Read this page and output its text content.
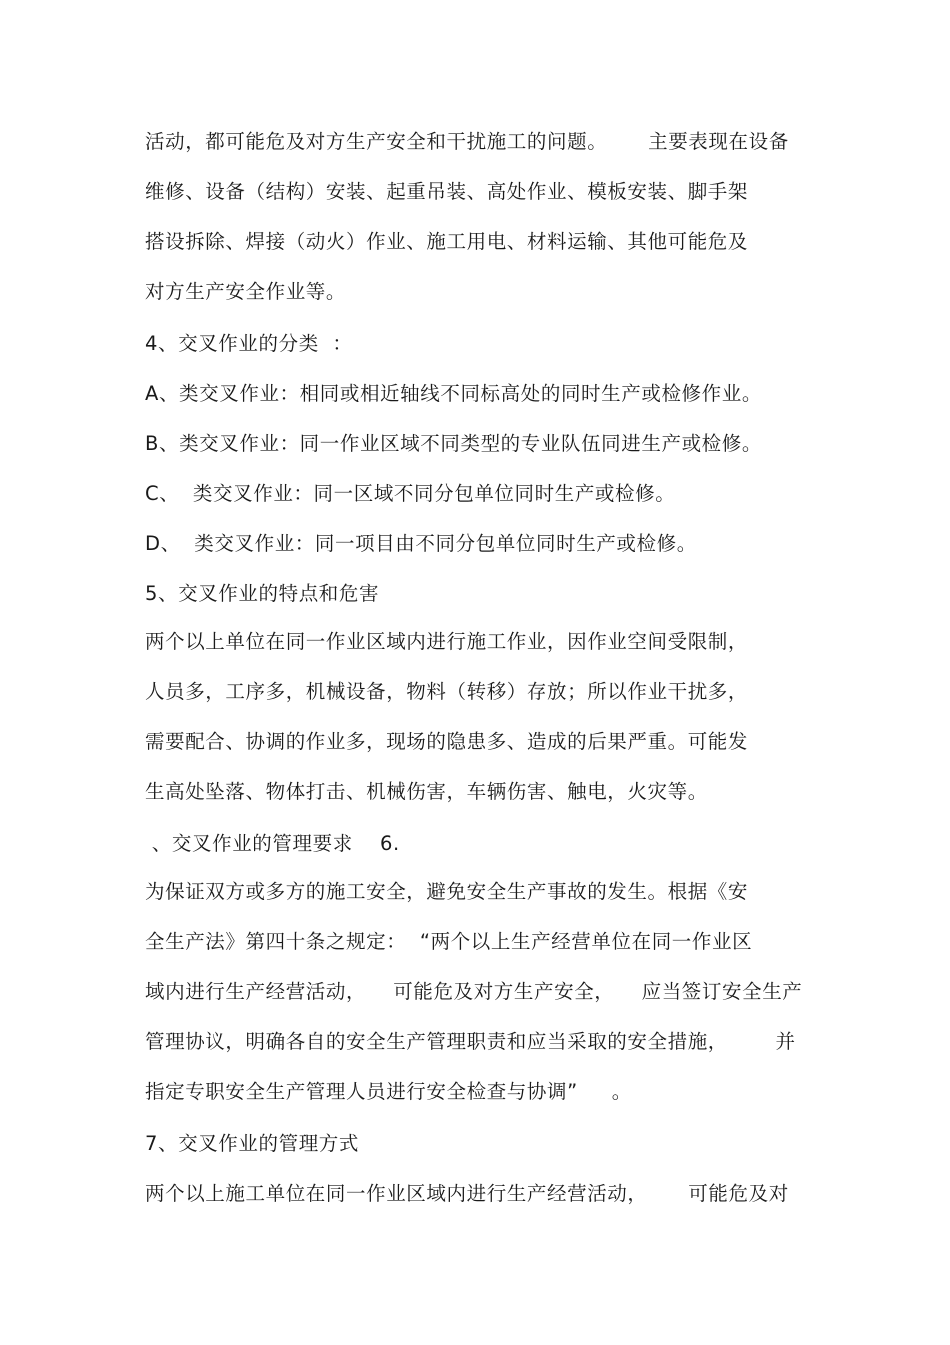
活动，都可能危及对方生产安全和干扰施工的问题。      主要表现在设备
维修、设备（结构）安装、起重吊装、高处作业、模板安装、脚手架
搭设拆除、焊接（动火）作业、施工用电、材料运输、其他可能危及
对方生产安全作业等。
4、交叉作业的分类  ：
A、类交叉作业：相同或相近轴线不同标高处的同时生产或检修作业。
B、类交叉作业：同一作业区域不同类型的专业队伍同进生产或检修。
C、  类交叉作业：同一区域不同分包单位同时生产或检修。
D、  类交叉作业：同一项目由不同分包单位同时生产或检修。
5、交叉作业的特点和危害
两个以上单位在同一作业区域内进行施工作业，因作业空间受限制，
人员多，工序多，机械设备，物料（转移）存放；所以作业干扰多，
需要配合、协调的作业多，现场的隐患多、造成的后果严重。可能发
生高处坠落、物体打击、机械伤害，车辆伤害、触电，火灾等。
、交叉作业的管理要求    6.
为保证双方或多方的施工安全，避免安全生产事故的发生。根据《安
全生产法》第四十条之规定：  “两个以上生产经营单位在同一作业区
域内进行生产经营活动，    可能危及对方生产安全，    应当签订安全生产
管理协议，明确各自的安全生产管理职责和应当采取的安全措施，       并
指定专职安全生产管理人员进行安全检查与协调”     。
7、交叉作业的管理方式
两个以上施工单位在同一作业区域内进行生产经营活动，      可能危及对
